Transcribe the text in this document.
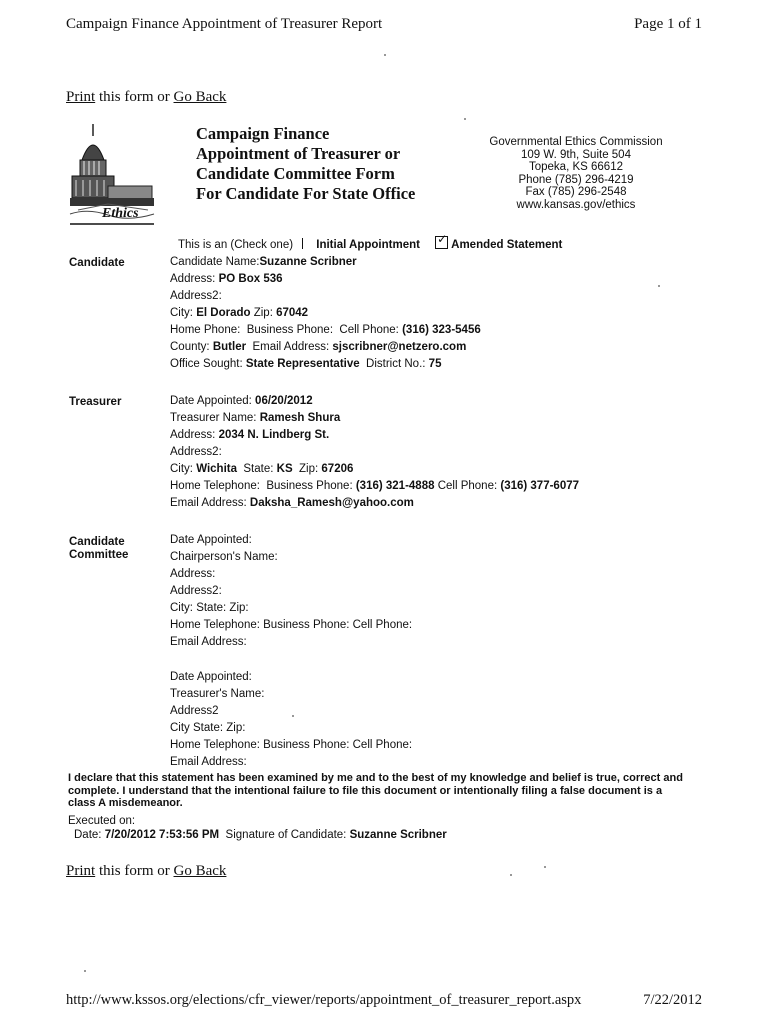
Campaign Finance Appointment of Treasurer Report	Page 1 of 1
Print this form or Go Back
Ethics
Campaign Finance
Appointment of Treasurer or
Candidate Committee Form
For Candidate For State Office
Governmental Ethics Commission
109 W. 9th, Suite 504
Topeka, KS 66612
Phone (785) 296-4219
Fax (785) 296-2548
www.kansas.gov/ethics
This is an (Check one) Initial Appointment ✓	Amended Statement
Candidate	Candidate Name:Suzanne Scribner
Address: PO Box 536
Address2:
City: El Dorado Zip: 67042
Home Phone: Business Phone: Cell Phone: (316) 323-5456
County: Butler Email Address: sjscribner@netzero.com
Office Sought: State Representative District No.: 75
Treasurer	Date Appointed: 06/20/2012
Treasurer Name: Ramesh Shura
Address: 2034 N. Lindberg St.
Address2:
City: Wichita State: KS Zip: 67206
Home Telephone: Business Phone: (316) 321-4888 Cell Phone: (316) 377-6077
Email Address: Daksha_Ramesh@yahoo.com
Candidate
Committee
Date Appointed:
Chairperson's Name:
Address:
Address2:
City: State: Zip:
Home Telephone: Business Phone: Cell Phone:
Email Address:
Date Appointed:
Treasurer's Name:
Address2
City State: Zip:
Home Telephone: Business Phone: Cell Phone:
Email Address:
I declare that this statement has been examined by me and to the best of my knowledge and belief is true, correct and complete. I understand that the intentional failure to file this document or intentionally filing a false document is a class A misdemeanor.
Executed on:
Date: 7/20/2012 7:53:56 PM Signature of Candidate: Suzanne Scribner
Print this form or Go Back
http://www.kssos.org/elections/cfr_viewer/reports/appointment_of_treasurer_report.aspx	7/22/2012
